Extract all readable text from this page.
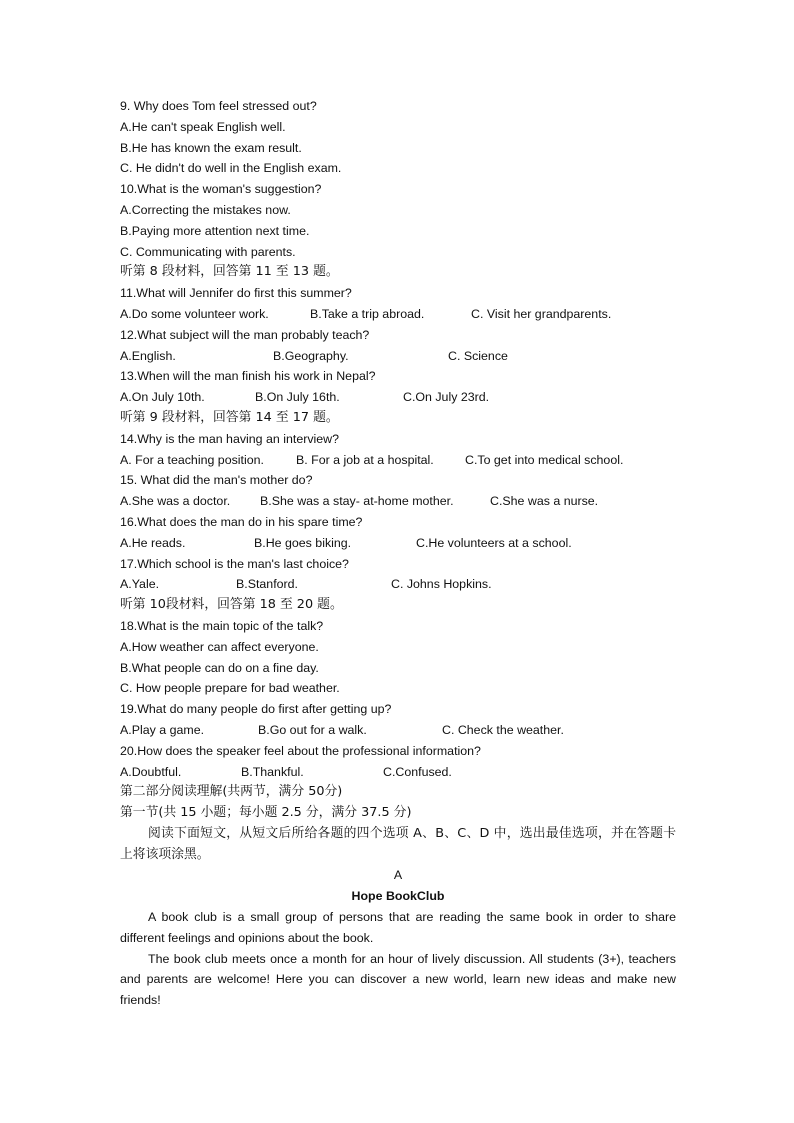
9. Why does Tom feel stressed out?
A.He can't speak English well.
B.He has known the exam result.
C. He didn't do well in the English exam.
10.What is the woman's suggestion?
A.Correcting the mistakes now.
B.Paying more attention next time.
C. Communicating with parents.
听第 8 段材料，回答第 11 至 13 题。
11.What will Jennifer do first this summer?
A.Do some volunteer work.	B.Take a trip abroad.	C. Visit her grandparents.
12.What subject will the man probably teach?
A.English.	B.Geography.	C. Science
13.When will the man finish his work in Nepal?
A.On July 10th.	B.On July 16th.	C.On July 23rd.
听第 9 段材料，回答第 14 至 17 题。
14.Why is the man having an interview?
A. For a teaching position.	B. For a job at a hospital.	C.To get into medical school.
15. What did the man's mother do?
A.She was a doctor. B.She was a stay- at-home mother.	C.She was a nurse.
16.What does the man do in his spare time?
A.He reads.	B.He goes biking.	C.He volunteers at a school.
17.Which school is the man's last choice?
A.Yale.	B.Stanford.	C. Johns Hopkins.
听第 10段材料，回答第 18 至 20 题。
18.What is the main topic of the talk?
A.How weather can affect everyone.
B.What people can do on a fine day.
C. How people prepare for bad weather.
19.What do many people do first after getting up?
A.Play a game.	B.Go out for a walk.	C. Check the weather.
20.How does the speaker feel about the professional information?
A.Doubtful.	B.Thankful.	C.Confused.
第二部分阅读理解(共两节，满分 50分)
第一节(共 15 小题；每小题 2.5 分，满分 37.5 分)

阅读下面短文，从短文后所给各题的四个选项 A、B、C、D 中，选出最佳选项，并在答题卡上将该项涂黑。

A
Hope BookClub

A book club is a small group of persons that are reading the same book in order to share different feelings and opinions about the book.

The book club meets once a month for an hour of lively discussion. All students (3+), teachers and parents are welcome! Here you can discover a new world, learn new ideas and make new friends!
